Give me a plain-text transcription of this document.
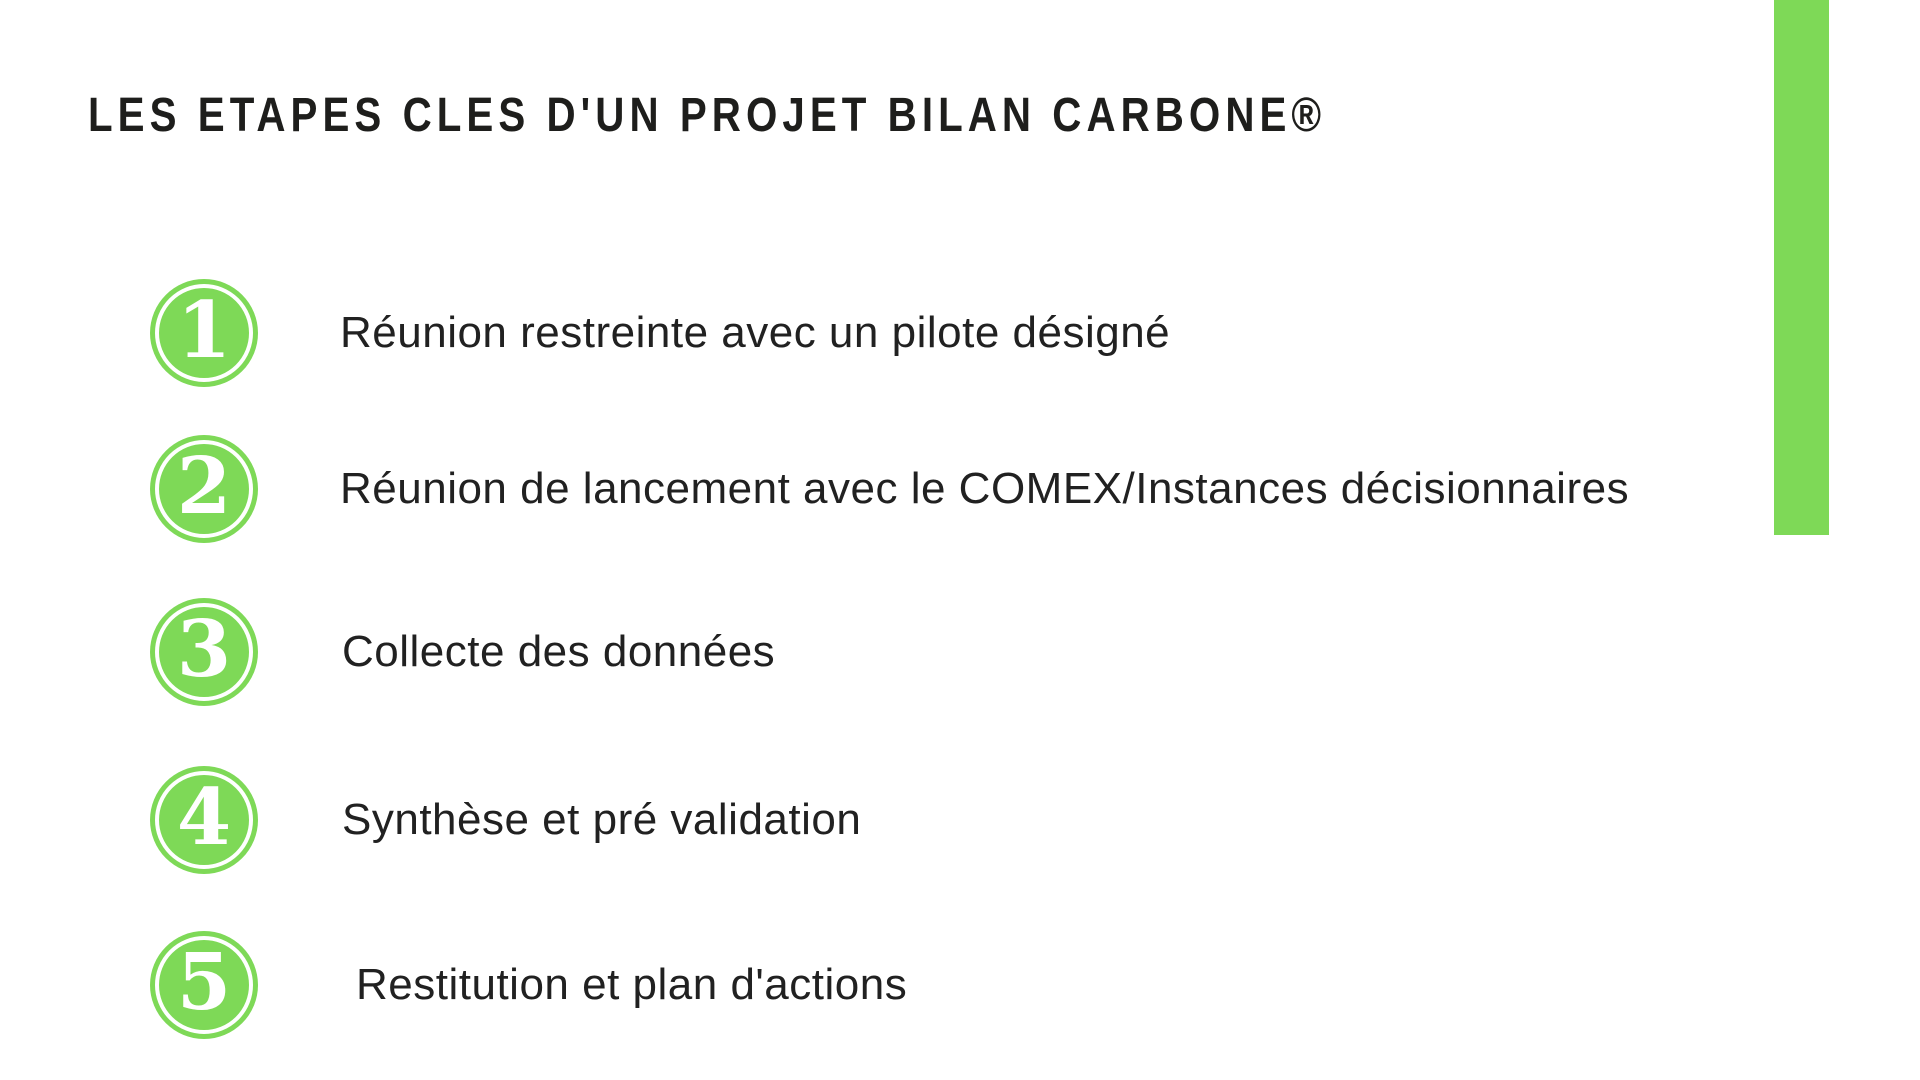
LES ETAPES CLES D'UN PROJET BILAN CARBONE®
1 Réunion restreinte avec un pilote désigné
2 Réunion de lancement avec le COMEX/Instances décisionnaires
3	Collecte des données
4	Synthèse et pré validation
5	Restitution et plan d'actions
